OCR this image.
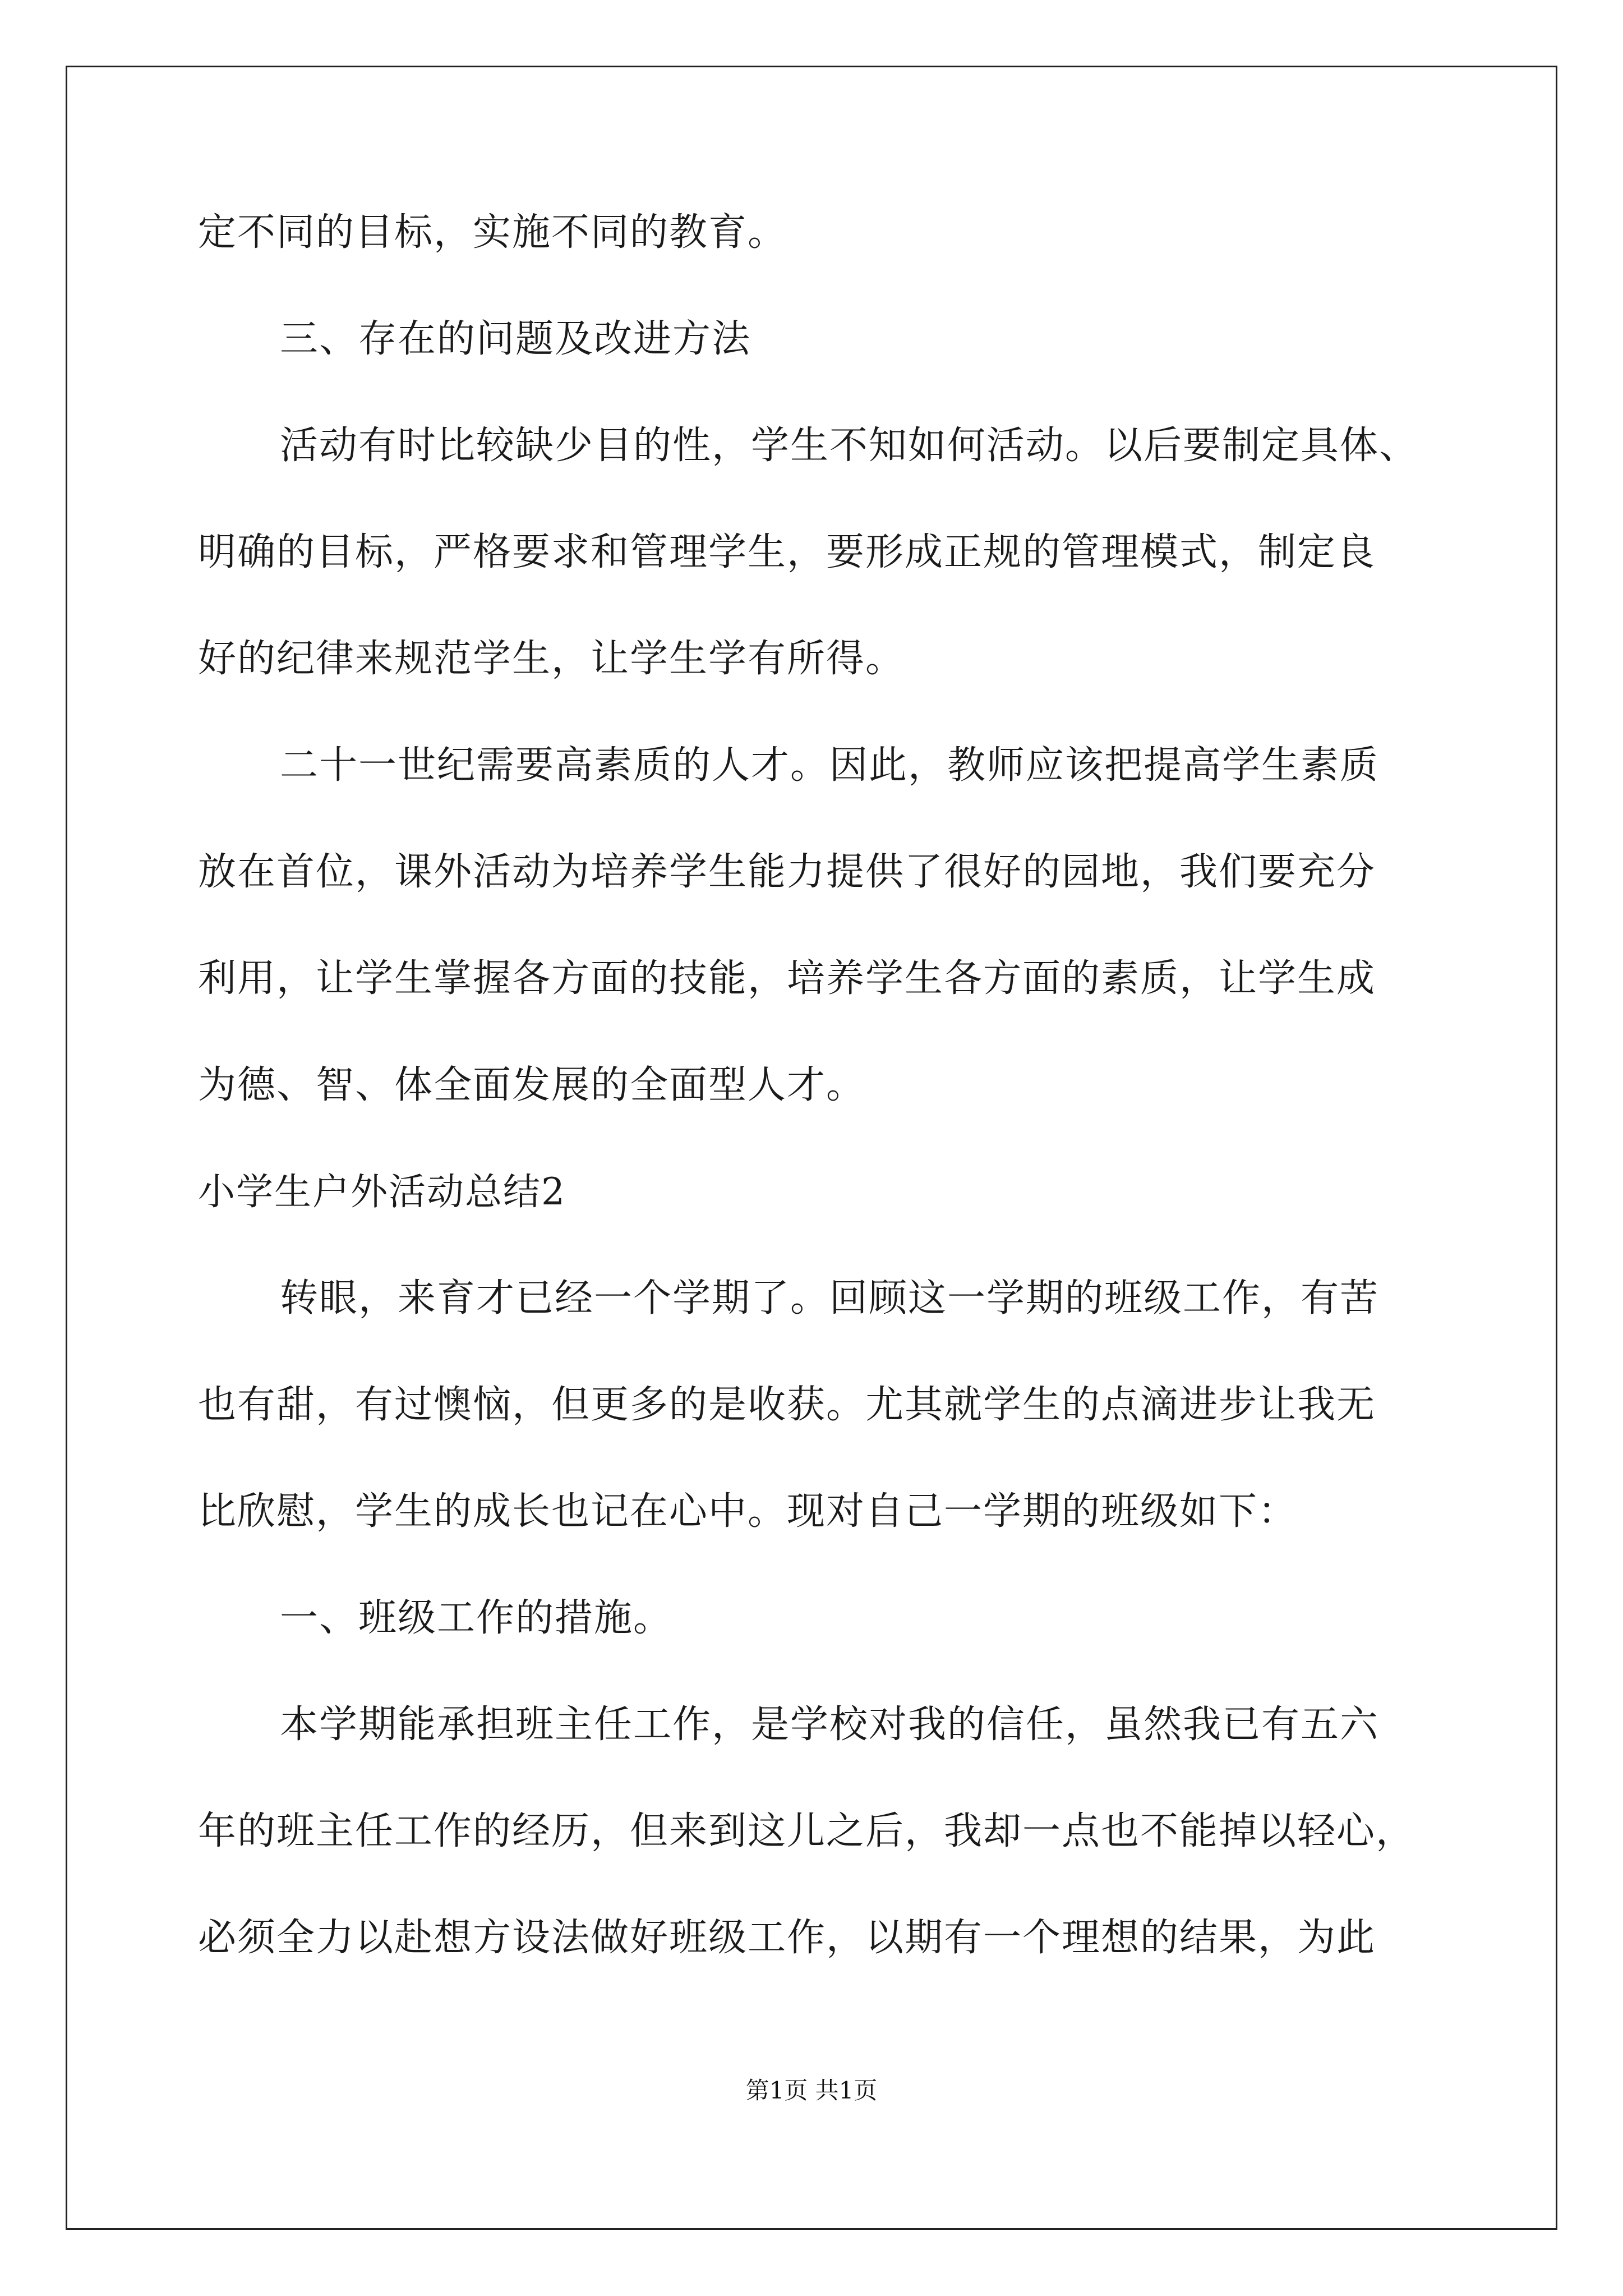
定不同的目标，实施不同的教育。
三、存在的问题及改进方法
活动有时比较缺少目的性，学生不知如何活动。以后要制定具体、
明确的目标，严格要求和管理学生，要形成正规的管理模式，制定良
好的纪律来规范学生，让学生学有所得。
二十一世纪需要高素质的人才。因此，教师应该把提高学生素质
放在首位，课外活动为培养学生能力提供了很好的园地，我们要充分
利用，让学生掌握各方面的技能，培养学生各方面的素质，让学生成
为德、智、体全面发展的全面型人才。
小学生户外活动总结2
转眼，来育才已经一个学期了。回顾这一学期的班级工作，有苦
也有甜，有过懊恼，但更多的是收获。尤其就学生的点滴进步让我无
比欣慰，学生的成长也记在心中。现对自己一学期的班级如下：
一、班级工作的措施。
本学期能承担班主任工作，是学校对我的信任，虽然我已有五六
年的班主任工作的经历，但来到这儿之后，我却一点也不能掉以轻心，
必须全力以赴想方设法做好班级工作，以期有一个理想的结果，为此
第1页 共1页
